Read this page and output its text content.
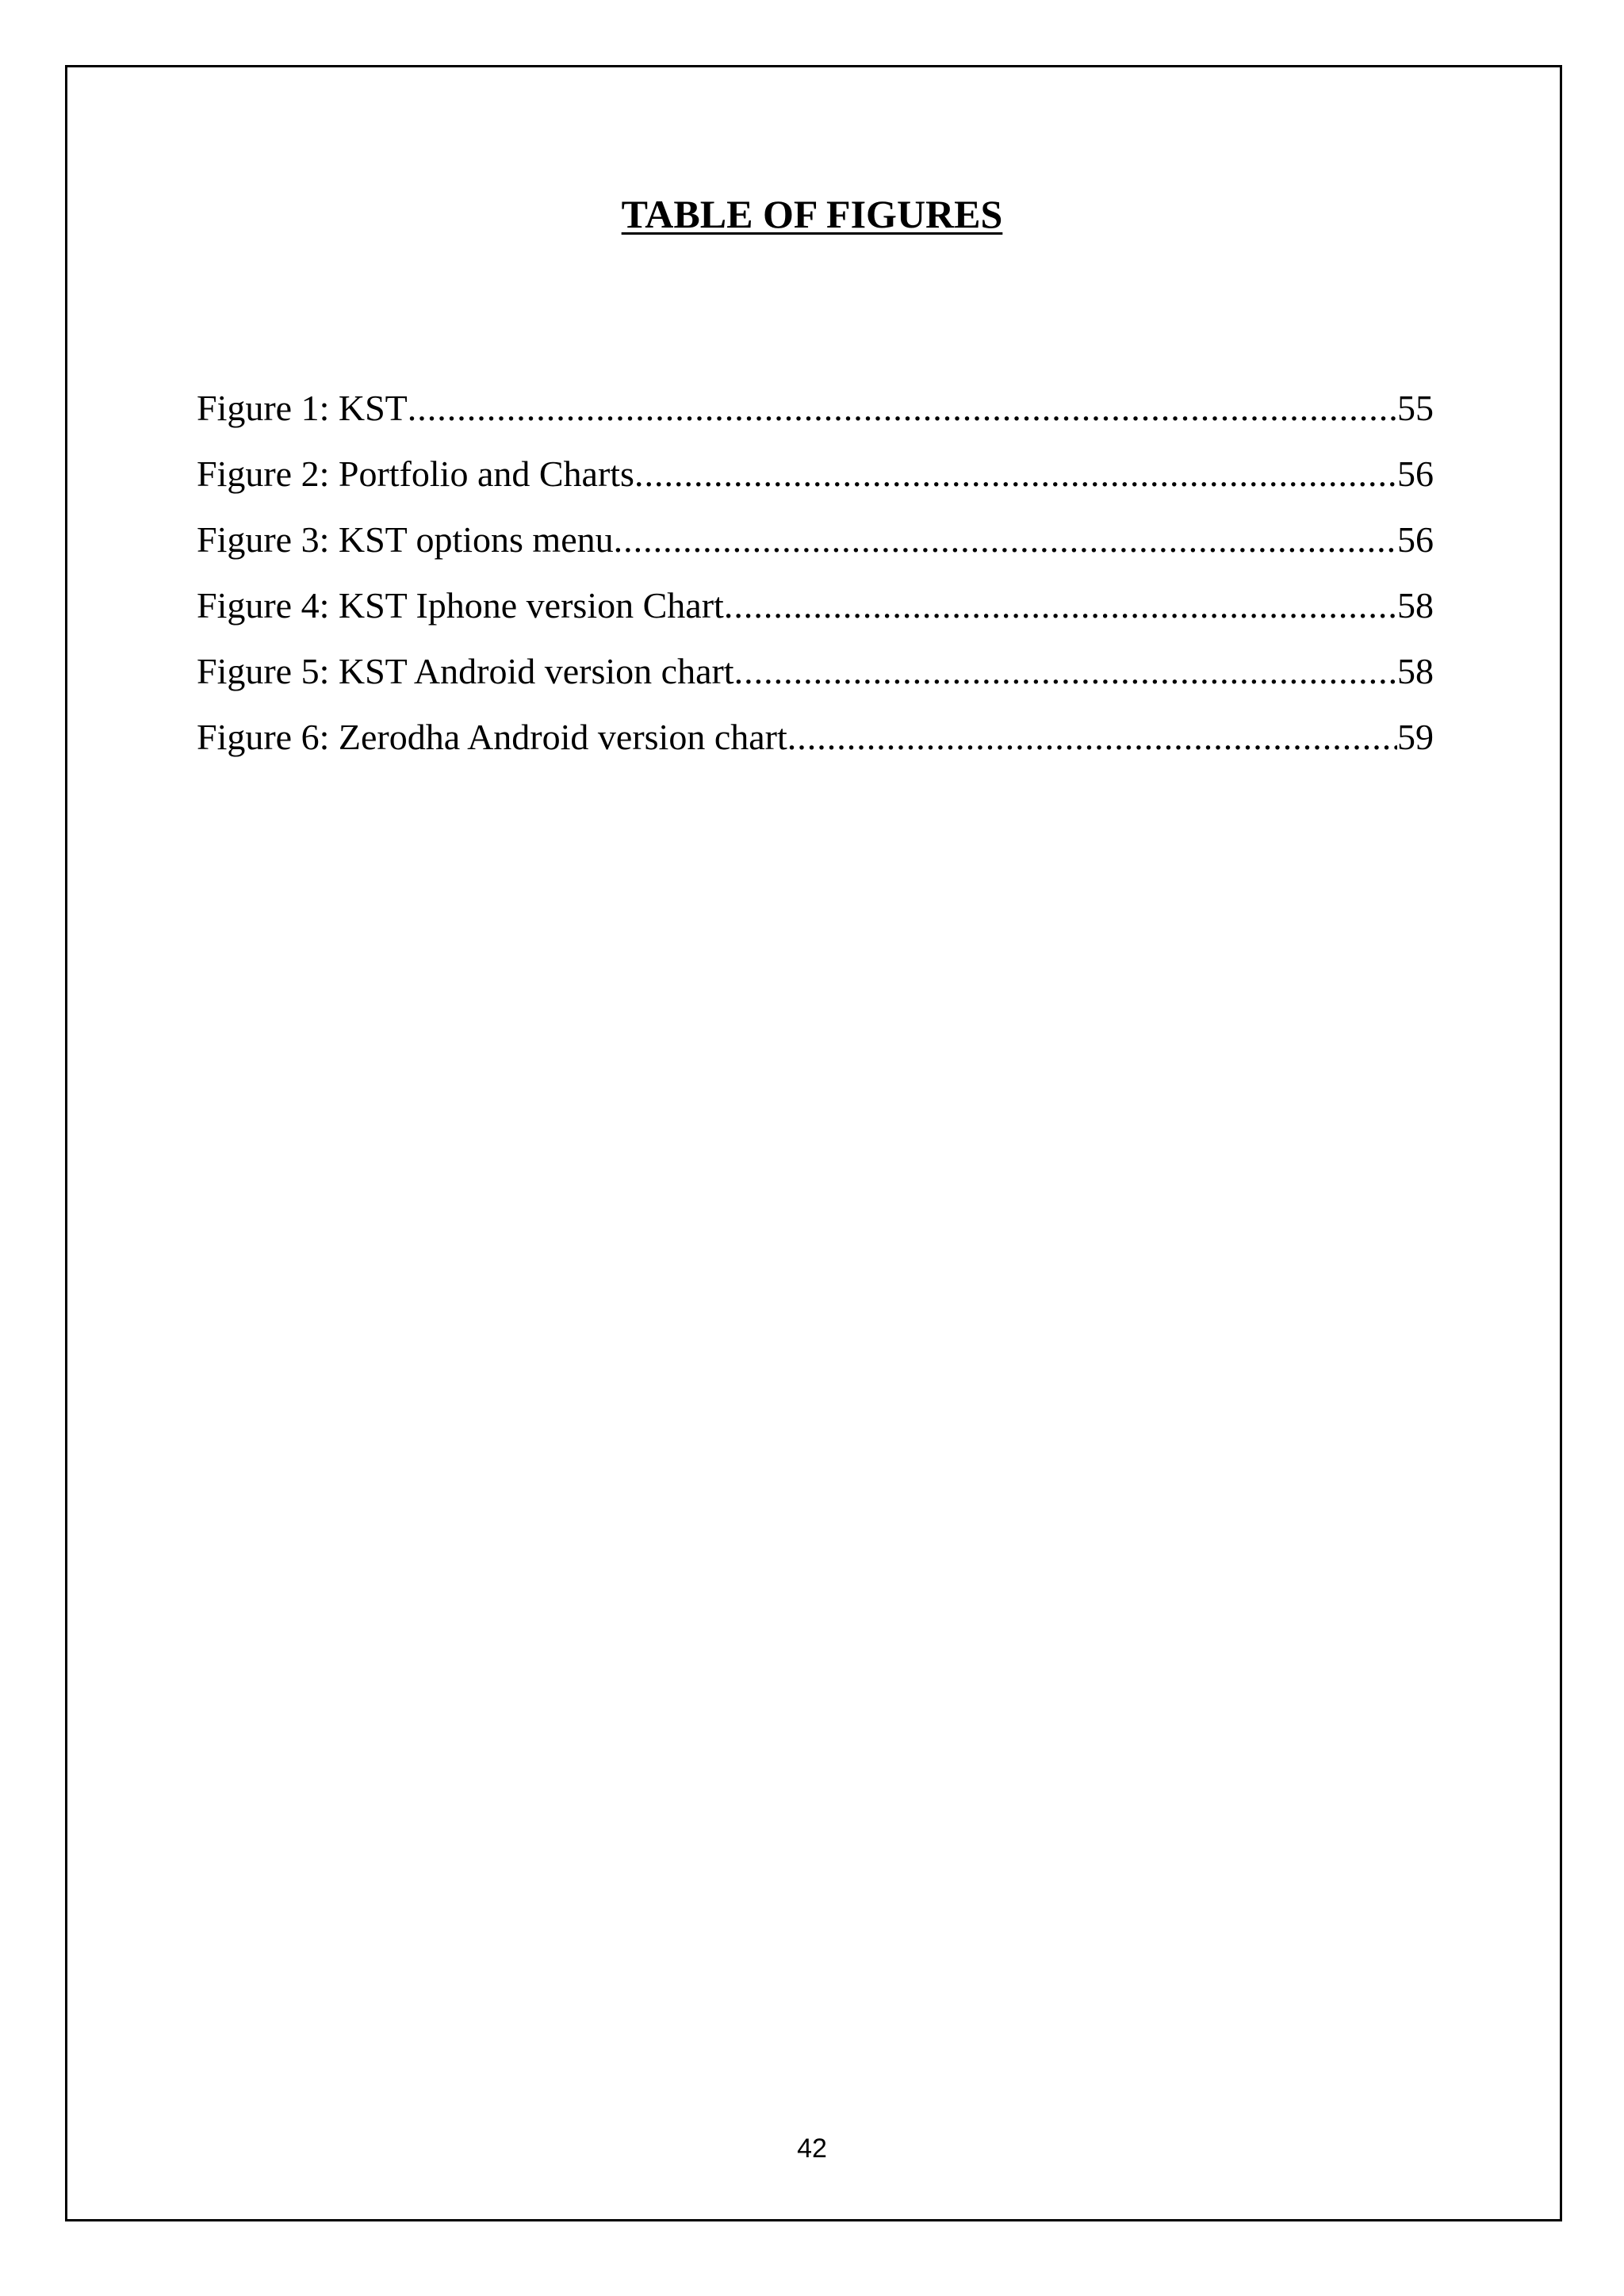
TABLE OF FIGURES
Figure 1: KST .....	55
Figure 2: Portfolio and Charts .....	56
Figure 3: KST options menu .....	56
Figure 4: KST Iphone version Chart .....	58
Figure 5: KST Android version chart .....	58
Figure 6: Zerodha Android version chart .....	59
42
